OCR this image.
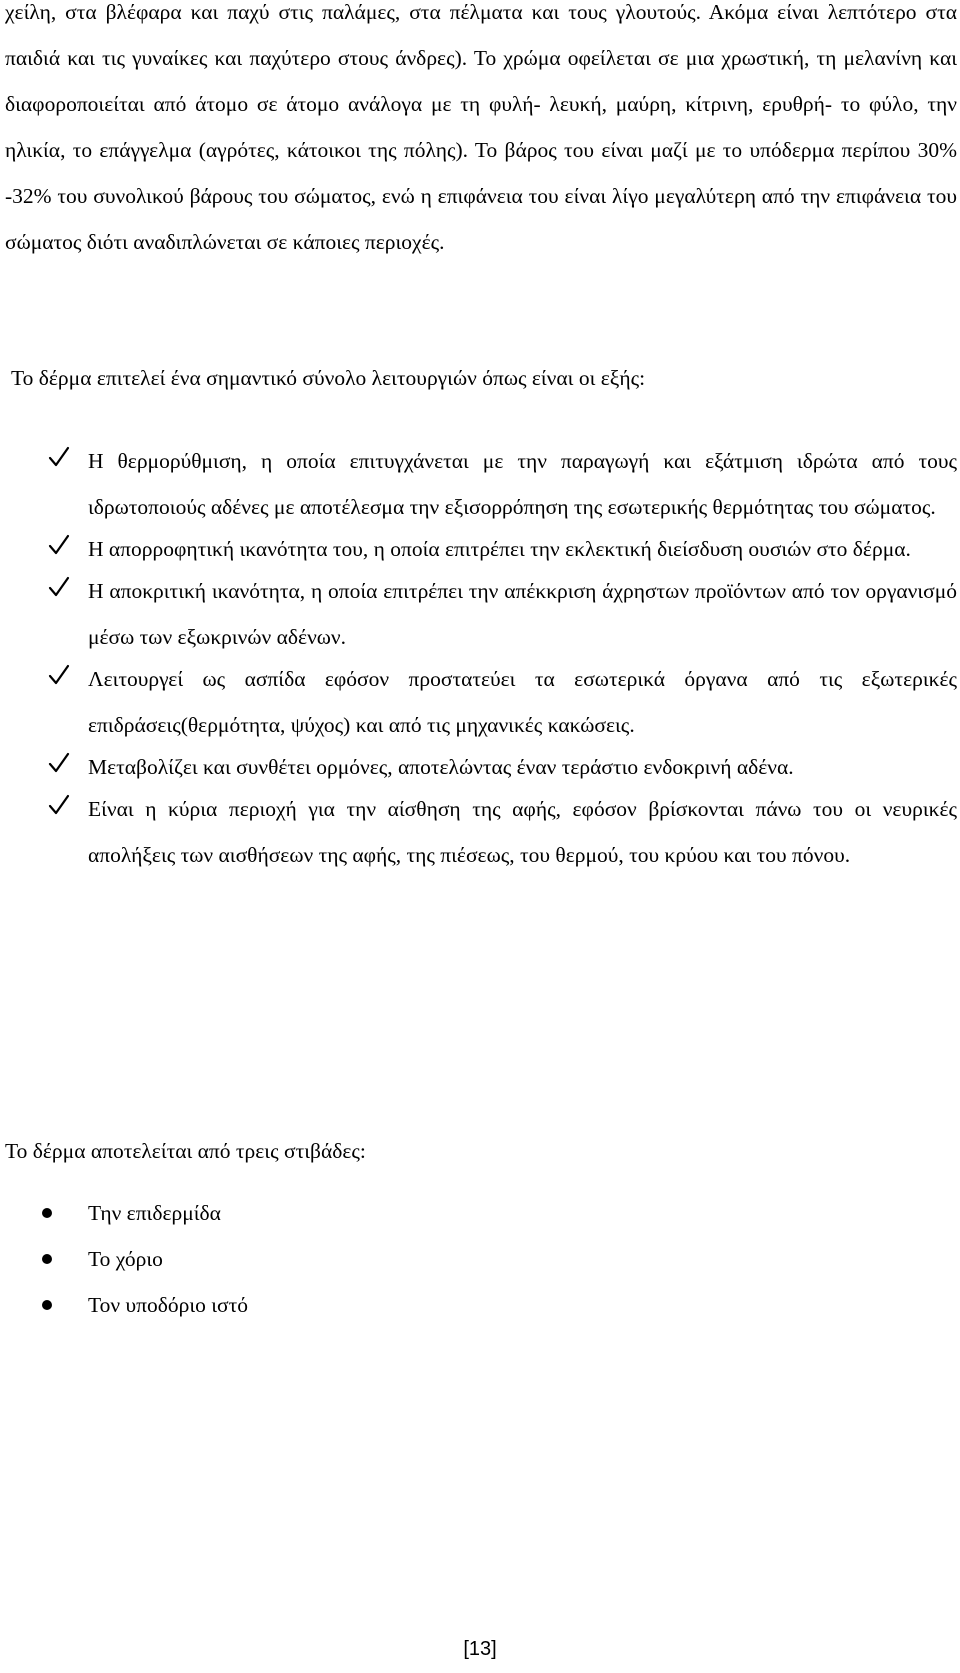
χείλη, στα βλέφαρα και παχύ στις παλάμες, στα πέλματα και τους γλουτούς. Ακόμα είναι λεπτότερο στα παιδιά και τις γυναίκες και παχύτερο στους άνδρες). Το χρώμα οφείλεται σε μια χρωστική, τη μελανίνη και διαφοροποιείται από άτομο σε άτομο ανάλογα με τη φυλή- λευκή, μαύρη, κίτρινη, ερυθρή- το φύλο, την ηλικία, το επάγγελμα (αγρότες, κάτοικοι της πόλης). Το βάρος του είναι μαζί με το υπόδερμα περίπου 30% -32% του συνολικού βάρους του σώματος, ενώ η επιφάνεια του είναι λίγο μεγαλύτερη από την επιφάνεια του σώματος διότι αναδιπλώνεται σε κάποιες περιοχές.

Το δέρμα επιτελεί ένα σημαντικό σύνολο λειτουργιών όπως είναι οι εξής:

Η θερμορύθμιση, η οποία επιτυγχάνεται με την παραγωγή και εξάτμιση ιδρώτα από τους ιδρωτοποιούς αδένες με αποτέλεσμα την εξισορρόπηση της εσωτερικής θερμότητας του σώματος.
Η απορροφητική ικανότητα του, η οποία επιτρέπει την εκλεκτική διείσδυση ουσιών στο δέρμα.
Η αποκριτική ικανότητα, η οποία επιτρέπει την απέκκριση άχρηστων προϊόντων από τον οργανισμό μέσω των εξωκρινών αδένων.
Λειτουργεί ως ασπίδα εφόσον προστατεύει τα εσωτερικά όργανα από τις εξωτερικές επιδράσεις(θερμότητα, ψύχος) και από τις μηχανικές κακώσεις.
Μεταβολίζει και συνθέτει ορμόνες, αποτελώντας έναν τεράστιο ενδοκρινή αδένα.
Είναι η κύρια περιοχή για την αίσθηση της αφής, εφόσον βρίσκονται πάνω του οι νευρικές απολήξεις των αισθήσεων της αφής, της πιέσεως, του θερμού, του κρύου και του πόνου.

Το δέρμα αποτελείται από τρεις στιβάδες:

Την επιδερμίδα
Το χόριο
Τον υποδόριο ιστό
[13]
